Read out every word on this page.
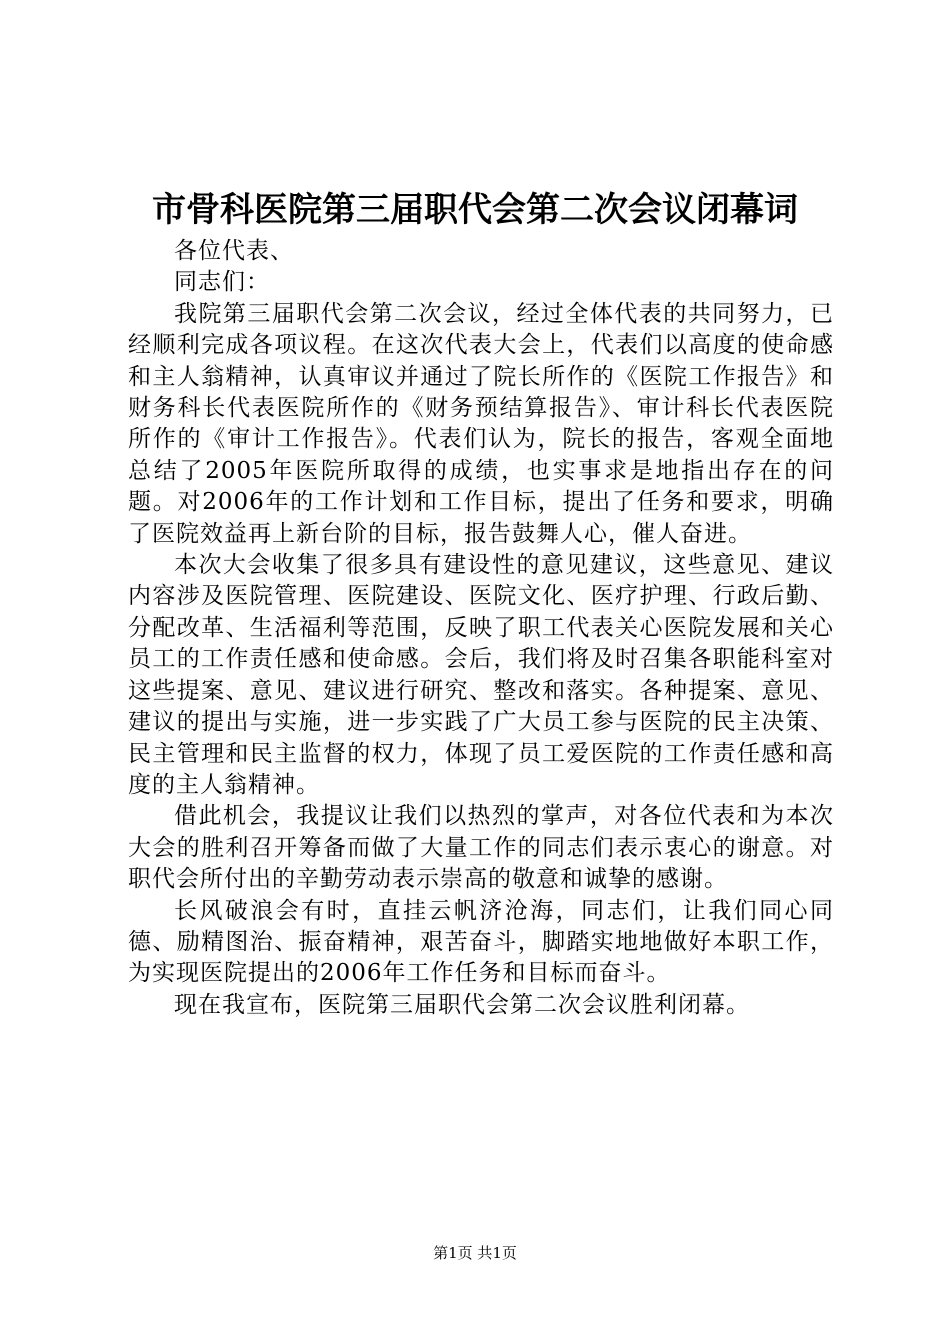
市骨科医院第三届职代会第二次会议闭幕词

各位代表、

同志们：

我院第三届职代会第二次会议，经过全体代表的共同努力，已经顺利完成各项议程。在这次代表大会上，代表们以高度的使命感和主人翁精神，认真审议并通过了院长所作的《医院工作报告》和财务科长代表医院所作的《财务预结算报告》、审计科长代表医院所作的《审计工作报告》。代表们认为，院长的报告，客观全面地总结了2005年医院所取得的成绩，也实事求是地指出存在的问题。对2006年的工作计划和工作目标，提出了任务和要求，明确了医院效益再上新台阶的目标，报告鼓舞人心，催人奋进。

本次大会收集了很多具有建设性的意见建议，这些意见、建议内容涉及医院管理、医院建设、医院文化、医疗护理、行政后勤、分配改革、生活福利等范围，反映了职工代表关心医院发展和关心员工的工作责任感和使命感。会后，我们将及时召集各职能科室对这些提案、意见、建议进行研究、整改和落实。各种提案、意见、建议的提出与实施，进一步实践了广大员工参与医院的民主决策、民主管理和民主监督的权力，体现了员工爱医院的工作责任感和高度的主人翁精神。

借此机会，我提议让我们以热烈的掌声，对各位代表和为本次大会的胜利召开筹备而做了大量工作的同志们表示衷心的谢意。对职代会所付出的辛勤劳动表示崇高的敬意和诚挚的感谢。

长风破浪会有时，直挂云帆济沧海，同志们，让我们同心同德、励精图治、振奋精神，艰苦奋斗，脚踏实地地做好本职工作，为实现医院提出的2006年工作任务和目标而奋斗。

现在我宣布，医院第三届职代会第二次会议胜利闭幕。

第1页 共1页
